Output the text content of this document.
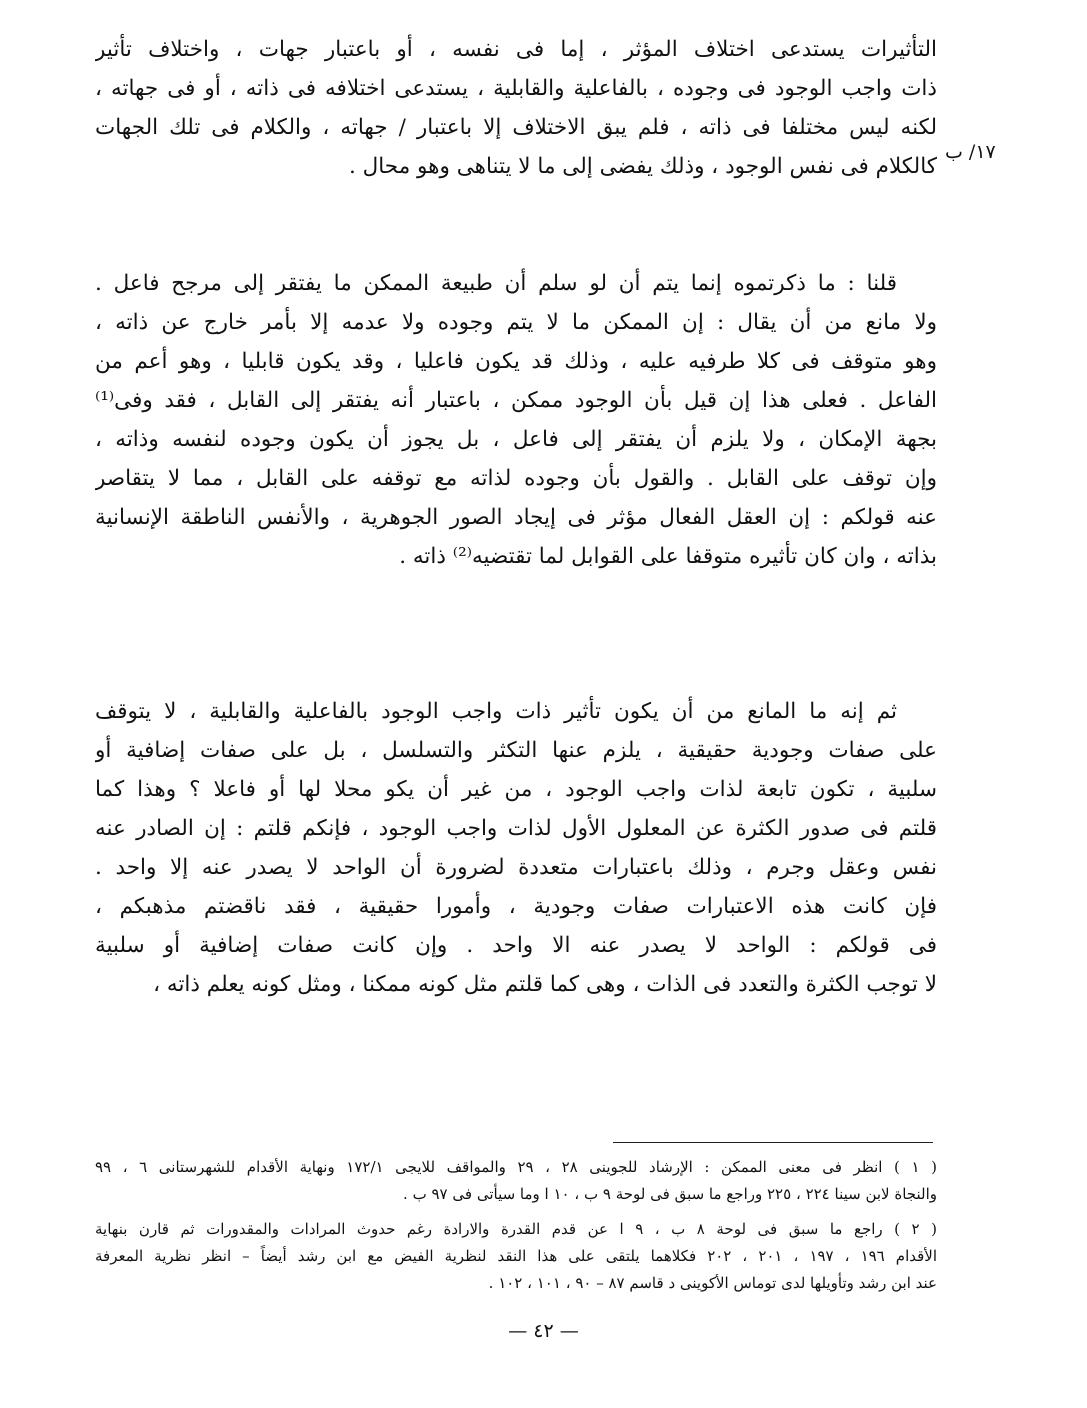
التأثيرات يستدعى اختلاف المؤثر ، إما فى نفسه ، أو باعتبار جهات ، واختلاف تأثير
ذات واجب الوجود فى وجوده ، بالفاعلية والقابلية ، يستدعى اختلافه فى ذاته ، أو فى جهاته ،
لكنه ليس مختلفا فى ذاته ، فلم يبق الاختلاف إلا باعتبار / جهاته ، والكلام فى تلك الجهات
كالكلام فى نفس الوجود ، وذلك يفضى إلى ما لا يتناهى وهو محال .
١٧/ ب
قلنا : ما ذكرتموه إنما يتم أن لو سلم أن طبيعة الممكن ما يفتقر إلى مرجح فاعل .
ولا مانع من أن يقال : إن الممكن ما لا يتم وجوده ولا عدمه إلا بأمر خارج عن ذاته ،
وهو متوقف فى كلا طرفيه عليه ، وذلك قد يكون فاعليا ، وقد يكون قابليا ، وهو أعم من
الفاعل . فعلى هذا إن قيل بأن الوجود ممكن ، باعتبار أنه يفتقر إلى القابل ، فقد وفى⁽¹⁾
بجهة الإمكان ، ولا يلزم أن يفتقر إلى فاعل ، بل يجوز أن يكون وجوده لنفسه وذاته ،
وإن توقف على القابل . والقول بأن وجوده لذاته مع توقفه على القابل ، مما لا يتقاصر
عنه قولكم : إن العقل الفعال مؤثر فى إيجاد الصور الجوهرية ، والأنفس الناطقة الإنسانية
بذاته ، وان كان تأثيره متوقفا على القوابل لما تقتضيه⁽²⁾ ذاته .
ثم إنه ما المانع من أن يكون تأثير ذات واجب الوجود بالفاعلية والقابلية ، لا يتوقف
على صفات وجودية حقيقية ، يلزم عنها التكثر والتسلسل ، بل على صفات إضافية أو
سلبية ، تكون تابعة لذات واجب الوجود ، من غير أن يكو محلا لها أو فاعلا ؟ وهذا كما
قلتم فى صدور الكثرة عن المعلول الأول لذات واجب الوجود ، فإنكم قلتم : إن الصادر عنه
نفس وعقل وجرم ، وذلك باعتبارات متعددة لضرورة أن الواحد لا يصدر عنه إلا واحد .
فإن كانت هذه الاعتبارات صفات وجودية ، وأمورا حقيقية ، فقد ناقضتم مذهبكم ،
فى قولكم : الواحد لا يصدر عنه الا واحد . وإن كانت صفات إضافية أو سلبية
لا توجب الكثرة والتعدد فى الذات ، وهى كما قلتم مثل كونه ممكنا ، ومثل كونه يعلم ذاته ،
( ١ ) انظر فى معنى الممكن : الإرشاد للجوينى ٢٨ ، ٢٩ والمواقف للايجى ١٧٢/١ ونهاية الأقدام للشهرستانى ٦ ، ٩٩
والنجاة لابن سينا ٢٢٤ ، ٢٢٥ وراجع ما سبق فى لوحة ٩ ب ، ١٠ ا وما سيأتى فى ٩٧ ب .
( ٢ ) راجع ما سبق فى لوحة ٨ ب ، ٩ ا عن قدم القدرة والارادة رغم حدوث المرادات والمقدورات ثم قارن بنهاية
الأقدام ١٩٦ ، ١٩٧ ، ٢٠١ ، ٢٠٢ فكلاهما يلتقى على هذا النقد لنظرية الفيض مع ابن رشد أيضاً – انظر نظرية المعرفة
عند ابن رشد وتأويلها لدى توماس الأكوينى د قاسم ٨٧ – ٩٠ ، ١٠١ ، ١٠٢ .
— ٤٢ —
